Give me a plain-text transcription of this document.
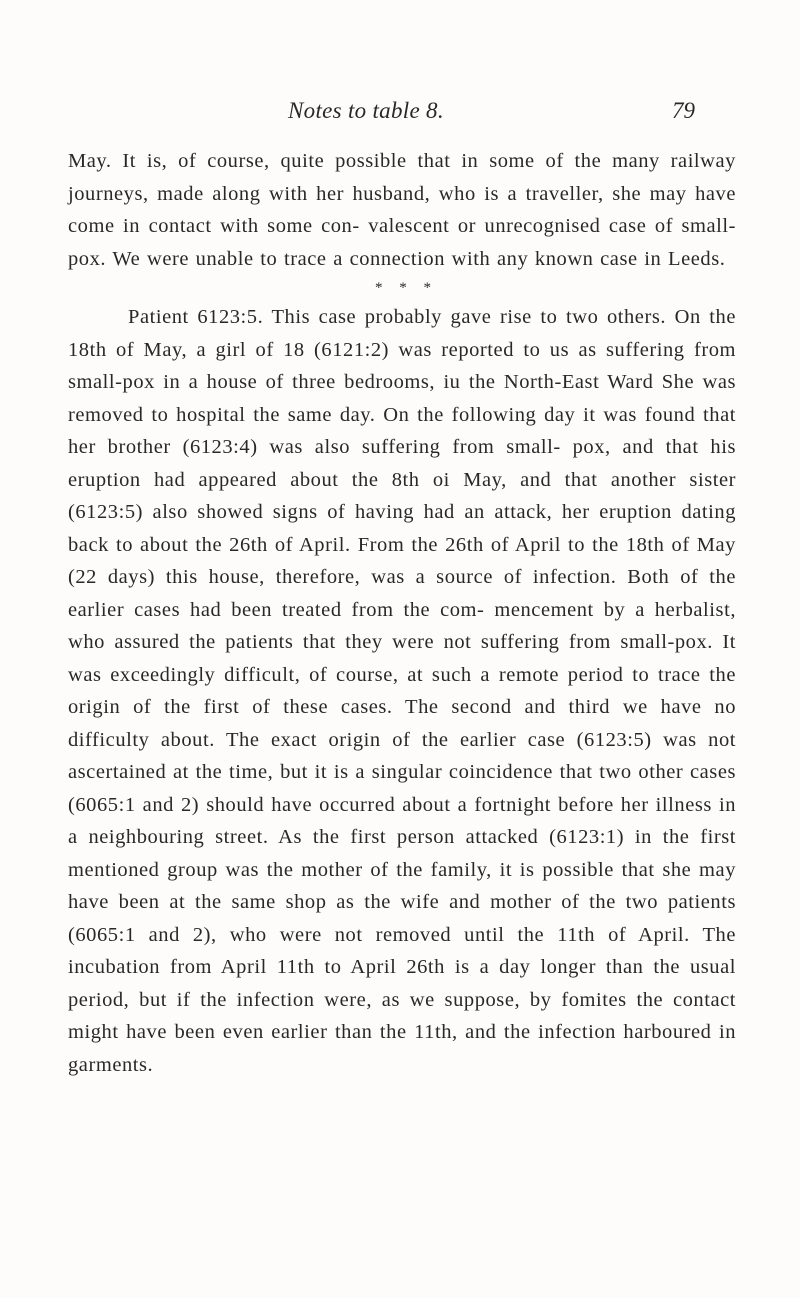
Notes to table 8.	79

May. It is, of course, quite possible that in some of the many railway journeys, made along with her husband, who is a traveller, she may have come in contact with some con- valescent or unrecognised case of small-pox. We were unable to trace a connection with any known case in Leeds.

* * *

Patient 6123:5. This case probably gave rise to two others. On the 18th of May, a girl of 18 (6121:2) was reported to us as suffering from small-pox in a house of three bedrooms, iu the North-East Ward She was removed to hospital the same day. On the following day it was found that her brother (6123:4) was also suffering from small- pox, and that his eruption had appeared about the 8th oi May, and that another sister (6123:5) also showed signs of having had an attack, her eruption dating back to about the 26th of April. From the 26th of April to the 18th of May (22 days) this house, therefore, was a source of infection. Both of the earlier cases had been treated from the com- mencement by a herbalist, who assured the patients that they were not suffering from small-pox. It was exceedingly difficult, of course, at such a remote period to trace the origin of the first of these cases. The second and third we have no difficulty about. The exact origin of the earlier case (6123:5) was not ascertained at the time, but it is a singular coincidence that two other cases (6065:1 and 2) should have occurred about a fortnight before her illness in a neighbouring street. As the first person attacked (6123:1) in the first mentioned group was the mother of the family, it is possible that she may have been at the same shop as the wife and mother of the two patients (6065:1 and 2), who were not removed until the 11th of April. The incubation from April 11th to April 26th is a day longer than the usual period, but if the infection were, as we suppose, by fomites the contact might have been even earlier than the 11th, and the infection harboured in garments.
